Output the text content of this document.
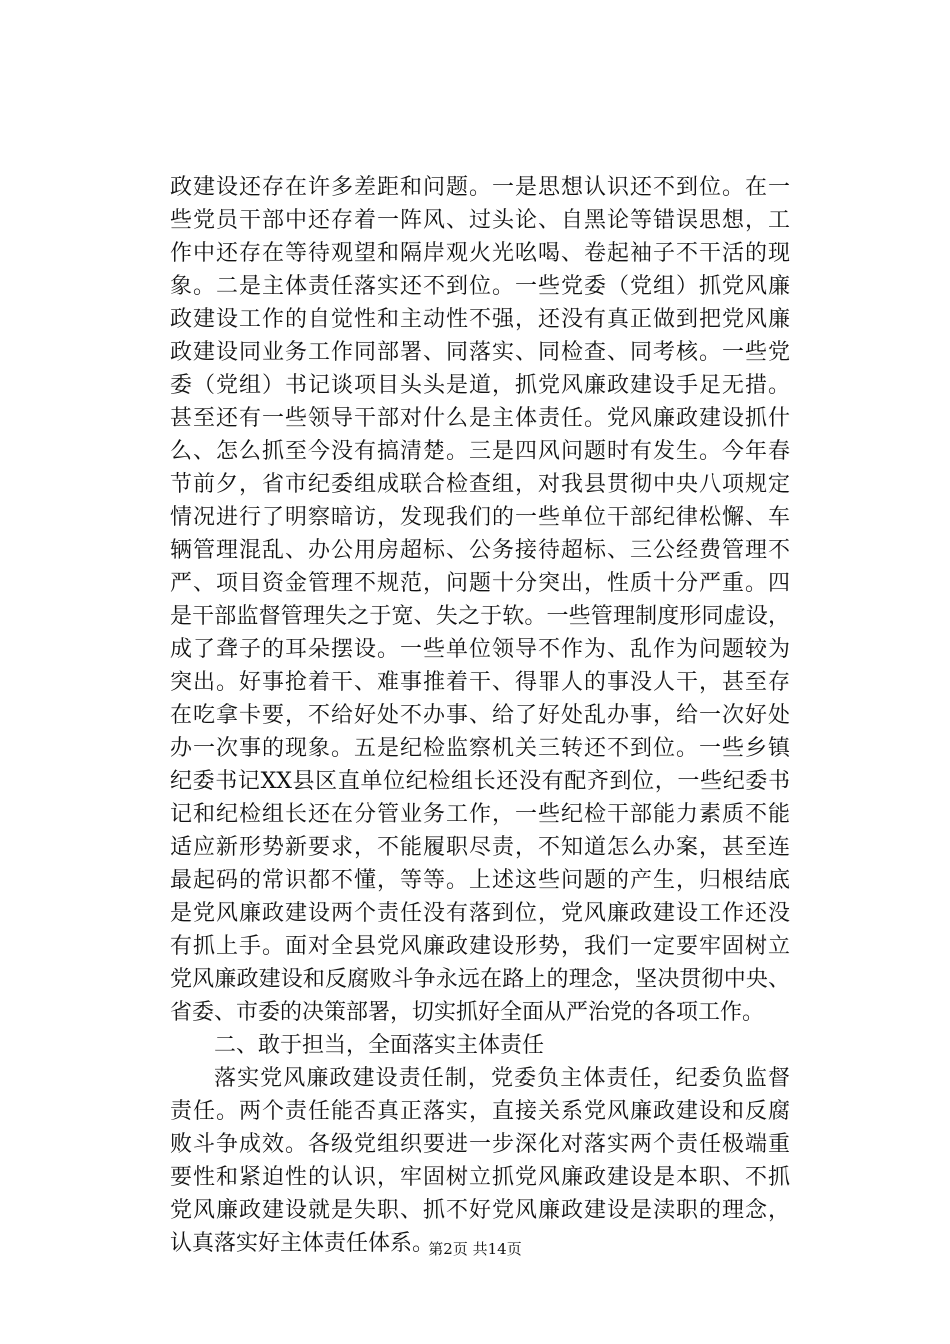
政建设还存在许多差距和问题。一是思想认识还不到位。在一
些党员干部中还存着一阵风、过头论、自黑论等错误思想，工
作中还存在等待观望和隔岸观火光吆喝、卷起袖子不干活的现
象。二是主体责任落实还不到位。一些党委（党组）抓党风廉
政建设工作的自觉性和主动性不强，还没有真正做到把党风廉
政建设同业务工作同部署、同落实、同检查、同考核。一些党
委（党组）书记谈项目头头是道，抓党风廉政建设手足无措。
甚至还有一些领导干部对什么是主体责任。党风廉政建设抓什
么、怎么抓至今没有搞清楚。三是四风问题时有发生。今年春
节前夕，省市纪委组成联合检查组，对我县贯彻中央八项规定
情况进行了明察暗访，发现我们的一些单位干部纪律松懈、车
辆管理混乱、办公用房超标、公务接待超标、三公经费管理不
严、项目资金管理不规范，问题十分突出，性质十分严重。四
是干部监督管理失之于宽、失之于软。一些管理制度形同虚设，
成了聋子的耳朵摆设。一些单位领导不作为、乱作为问题较为
突出。好事抢着干、难事推着干、得罪人的事没人干，甚至存
在吃拿卡要，不给好处不办事、给了好处乱办事，给一次好处
办一次事的现象。五是纪检监察机关三转还不到位。一些乡镇
纪委书记XX县区直单位纪检组长还没有配齐到位，一些纪委书
记和纪检组长还在分管业务工作，一些纪检干部能力素质不能
适应新形势新要求，不能履职尽责，不知道怎么办案，甚至连
最起码的常识都不懂，等等。上述这些问题的产生，归根结底
是党风廉政建设两个责任没有落到位，党风廉政建设工作还没
有抓上手。面对全县党风廉政建设形势，我们一定要牢固树立
党风廉政建设和反腐败斗争永远在路上的理念，坚决贯彻中央、
省委、市委的决策部署，切实抓好全面从严治党的各项工作。
二、敢于担当，全面落实主体责任
落实党风廉政建设责任制，党委负主体责任，纪委负监督
责任。两个责任能否真正落实，直接关系党风廉政建设和反腐
败斗争成效。各级党组织要进一步深化对落实两个责任极端重
要性和紧迫性的认识，牢固树立抓党风廉政建设是本职、不抓
党风廉政建设就是失职、抓不好党风廉政建设是渎职的理念，
认真落实好主体责任体系。
第2页 共14页
